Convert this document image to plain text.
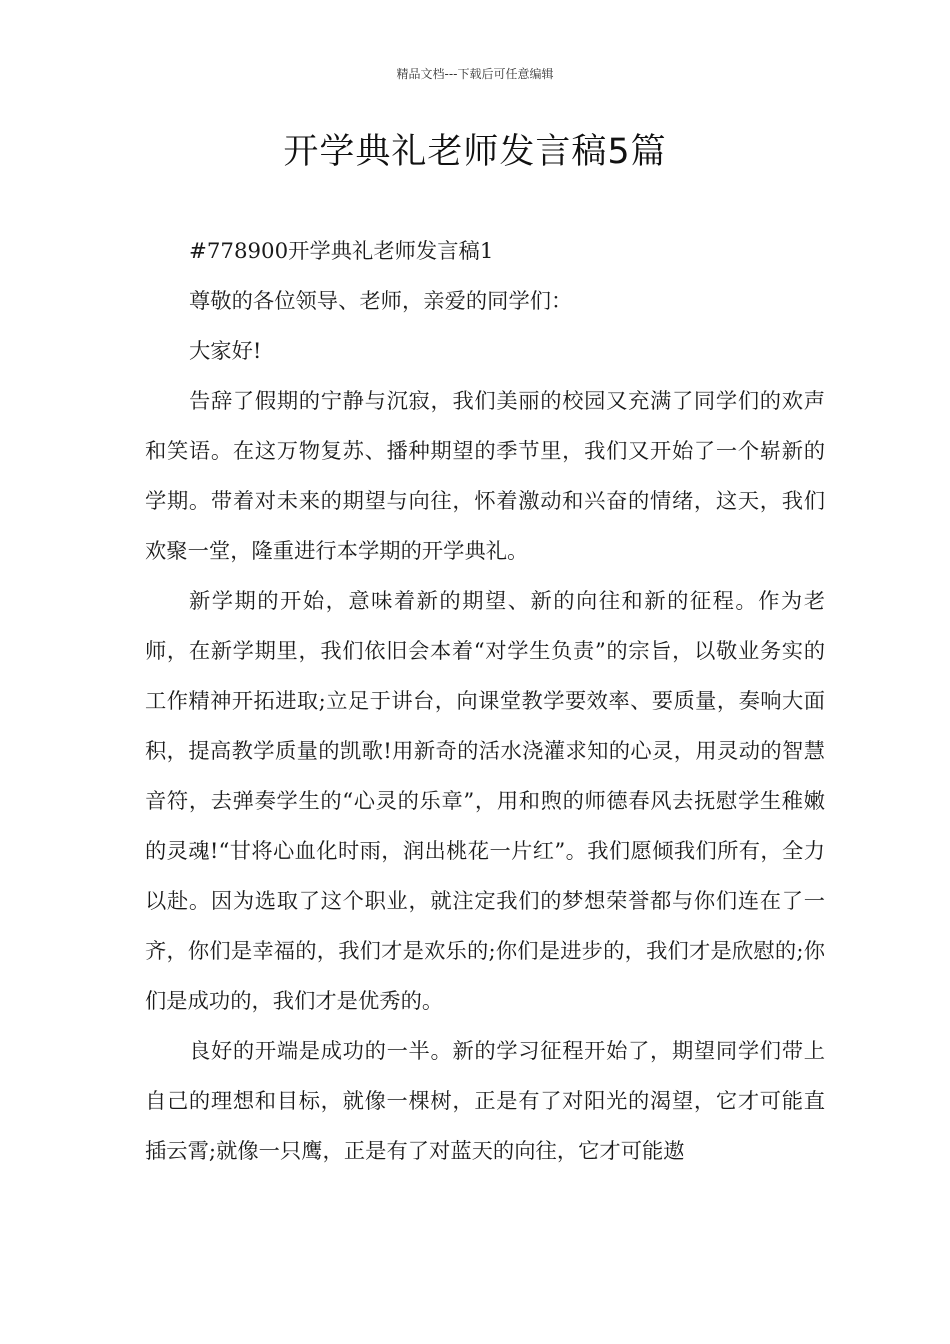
精品文档---下载后可任意编辑
开学典礼老师发言稿5篇

#778900开学典礼老师发言稿1

尊敬的各位领导、老师，亲爱的同学们：

大家好!

告辞了假期的宁静与沉寂，我们美丽的校园又充满了同学们的欢声和笑语。在这万物复苏、播种期望的季节里，我们又开始了一个崭新的学期。带着对未来的期望与向往，怀着激动和兴奋的情绪，这天，我们欢聚一堂，隆重进行本学期的开学典礼。

新学期的开始，意味着新的期望、新的向往和新的征程。作为老师，在新学期里，我们依旧会本着“对学生负责”的宗旨，以敬业务实的工作精神开拓进取;立足于讲台，向课堂教学要效率、要质量，奏响大面积，提高教学质量的凯歌!用新奇的活水浇灌求知的心灵，用灵动的智慧音符，去弹奏学生的“心灵的乐章”，用和煦的师德春风去抚慰学生稚嫩的灵魂!“甘将心血化时雨，润出桃花一片红”。我们愿倾我们所有，全力以赴。因为选取了这个职业，就注定我们的梦想荣誉都与你们连在了一齐，你们是幸福的，我们才是欢乐的;你们是进步的，我们才是欣慰的;你们是成功的，我们才是优秀的。

良好的开端是成功的一半。新的学习征程开始了，期望同学们带上自己的理想和目标，就像一棵树，正是有了对阳光的渴望，它才可能直插云霄;就像一只鹰，正是有了对蓝天的向往，它才可能遨
